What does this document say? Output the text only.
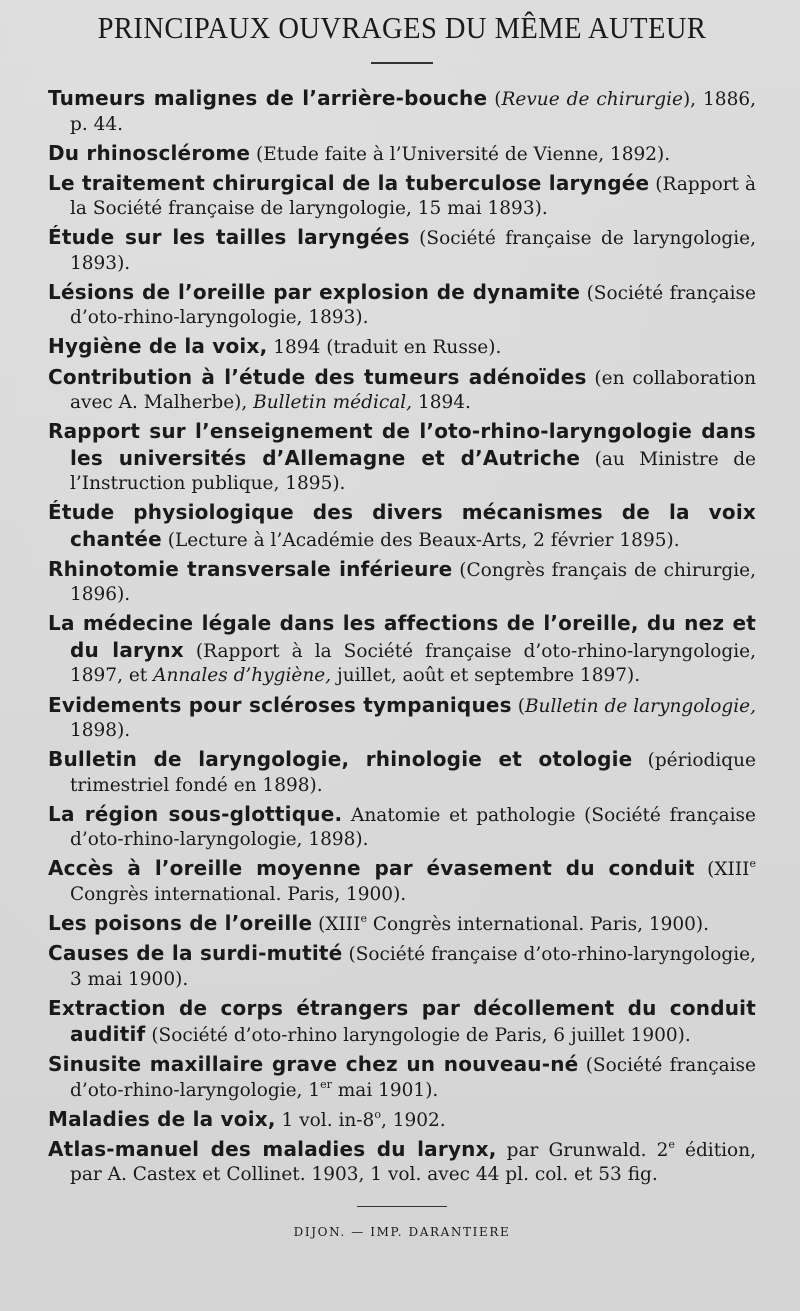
PRINCIPAUX OUVRAGES DU MÊME AUTEUR
Tumeurs malignes de l’arrière-bouche (Revue de chirurgie), 1886, p. 44.
Du rhinosclérome (Etude faite à l’Université de Vienne, 1892).
Le traitement chirurgical de la tuberculose laryngée (Rapport à la Société française de laryngologie, 15 mai 1893).
Étude sur les tailles laryngées (Société française de laryngologie, 1893).
Lésions de l’oreille par explosion de dynamite (Société française d’oto-rhino-laryngologie, 1893).
Hygiène de la voix, 1894 (traduit en Russe).
Contribution à l’étude des tumeurs adénoïdes (en collaboration avec A. Malherbe), Bulletin médical, 1894.
Rapport sur l’enseignement de l’oto-rhino-laryngologie dans les universités d’Allemagne et d’Autriche (au Ministre de l’Instruction publique, 1895).
Étude physiologique des divers mécanismes de la voix chantée (Lecture à l’Académie des Beaux-Arts, 2 février 1895).
Rhinotomie transversale inférieure (Congrès français de chirurgie, 1896).
La médecine légale dans les affections de l’oreille, du nez et du larynx (Rapport à la Société française d’oto-rhino-laryngologie, 1897, et Annales d’hygiène, juillet, août et septembre 1897).
Evidements pour scléroses tympaniques (Bulletin de laryngologie, 1898).
Bulletin de laryngologie, rhinologie et otologie (périodique trimestriel fondé en 1898).
La région sous-glottique. Anatomie et pathologie (Société française d’oto-rhino-laryngologie, 1898).
Accès à l’oreille moyenne par évasement du conduit (XIIIe Congrès international. Paris, 1900).
Les poisons de l’oreille (XIIIe Congrès international. Paris, 1900).
Causes de la surdi-mutité (Société française d’oto-rhino-laryngologie, 3 mai 1900).
Extraction de corps étrangers par décollement du conduit auditif (Société d’oto-rhino laryngologie de Paris, 6 juillet 1900).
Sinusite maxillaire grave chez un nouveau-né (Société française d’oto-rhino-laryngologie, 1er mai 1901).
Maladies de la voix, 1 vol. in-8$^o$, 1902.
Atlas-manuel des maladies du larynx, par Grunwald. 2e édition, par A. Castex et Collinet. 1903, 1 vol. avec 44 pl. col. et 53 fig.
DIJON. — IMP. DARANTIERE
